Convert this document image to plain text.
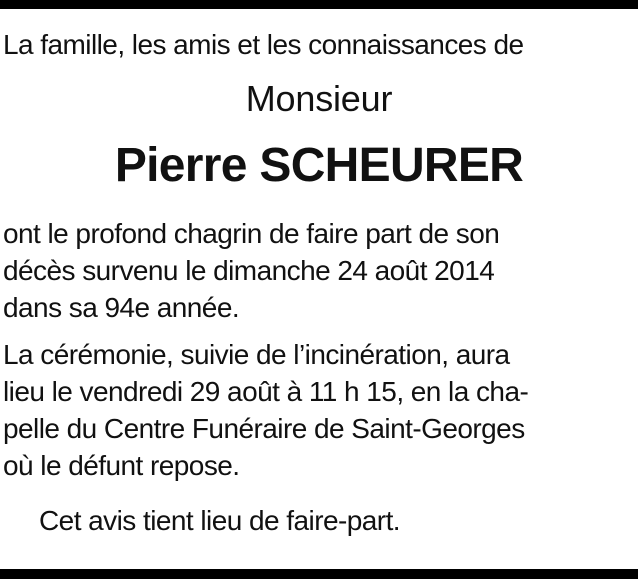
La famille, les amis et les connaissances de
Monsieur
Pierre SCHEURER
ont le profond chagrin de faire part de son
décès survenu le dimanche 24 août 2014
dans sa 94e année.
La cérémonie, suivie de l’incinération, aura
lieu le vendredi 29 août à 11 h 15, en la cha-
pelle du Centre Funéraire de Saint-Georges
où le défunt repose.
Cet avis tient lieu de faire-part.
